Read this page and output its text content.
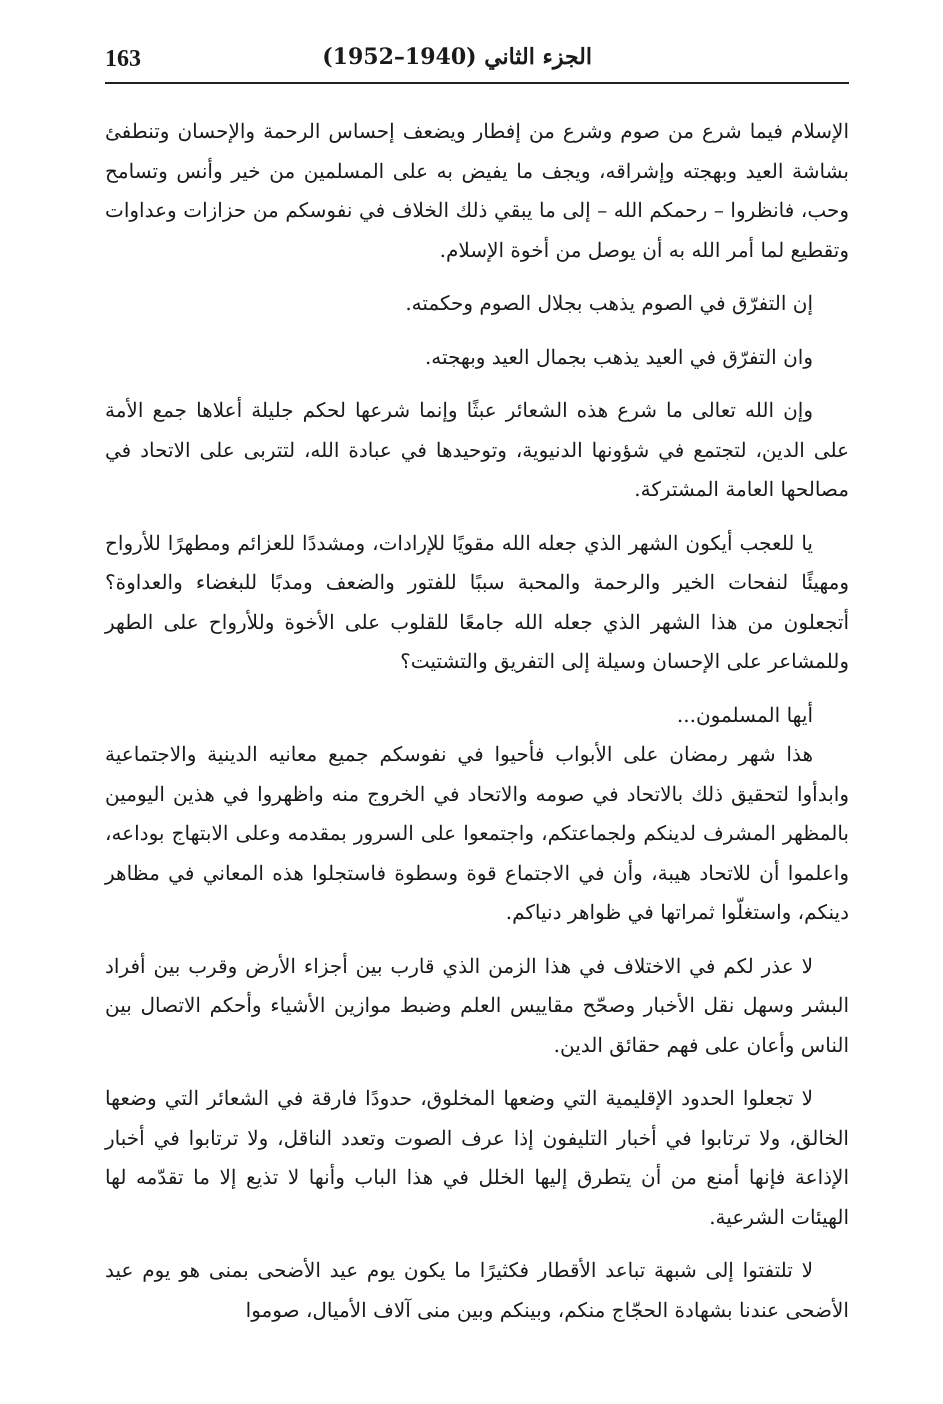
163	الجزء الثاني (1940–1952)

الإسلام فيما شرع من صوم وشرع من إفطار ويضعف إحساس الرحمة والإحسان وتنطفئ بشاشة العيد وبهجته وإشراقه، ويجف ما يفيض به على المسلمين من خير وأنس وتسامح وحب، فانظروا – رحمكم الله – إلى ما يبقي ذلك الخلاف في نفوسكم من حزازات وعداوات وتقطيع لما أمر الله به أن يوصل من أخوة الإسلام.

إن التفرّق في الصوم يذهب بجلال الصوم وحكمته.

وان التفرّق في العيد يذهب بجمال العيد وبهجته.

وإن الله تعالى ما شرع هذه الشعائر عبثًا وإنما شرعها لحكم جليلة أعلاها جمع الأمة على الدين، لتجتمع في شؤونها الدنيوية، وتوحيدها في عبادة الله، لتتربى على الاتحاد في مصالحها العامة المشتركة.

يا للعجب أيكون الشهر الذي جعله الله مقويًا للإرادات، ومشددًا للعزائم ومطهرًا للأرواح ومهيئًا لنفحات الخير والرحمة والمحبة سببًا للفتور والضعف ومدبًا للبغضاء والعداوة؟ أتجعلون من هذا الشهر الذي جعله الله جامعًا للقلوب على الأخوة وللأرواح على الطهر وللمشاعر على الإحسان وسيلة إلى التفريق والتشتيت؟

أيها المسلمون...

هذا شهر رمضان على الأبواب فأحيوا في نفوسكم جميع معانيه الدينية والاجتماعية وابدأوا لتحقيق ذلك بالاتحاد في صومه والاتحاد في الخروج منه واظهروا في هذين اليومين بالمظهر المشرف لدينكم ولجماعتكم، واجتمعوا على السرور بمقدمه وعلى الابتهاج بوداعه، واعلموا أن للاتحاد هيبة، وأن في الاجتماع قوة وسطوة فاستجلوا هذه المعاني في مظاهر دينكم، واستغلّوا ثمراتها في ظواهر دنياكم.

لا عذر لكم في الاختلاف في هذا الزمن الذي قارب بين أجزاء الأرض وقرب بين أفراد البشر وسهل نقل الأخبار وصحّح مقاييس العلم وضبط موازين الأشياء وأحكم الاتصال بين الناس وأعان على فهم حقائق الدين.

لا تجعلوا الحدود الإقليمية التي وضعها المخلوق، حدودًا فارقة في الشعائر التي وضعها الخالق، ولا ترتابوا في أخبار التليفون إذا عرف الصوت وتعدد الناقل، ولا ترتابوا في أخبار الإذاعة فإنها أمنع من أن يتطرق إليها الخلل في هذا الباب وأنها لا تذيع إلا ما تقدّمه لها الهيئات الشرعية.

لا تلتفتوا إلى شبهة تباعد الأقطار فكثيرًا ما يكون يوم عيد الأضحى بمنى هو يوم عيد الأضحى عندنا بشهادة الحجّاج منكم، وبينكم وبين منى آلاف الأميال، صوموا
